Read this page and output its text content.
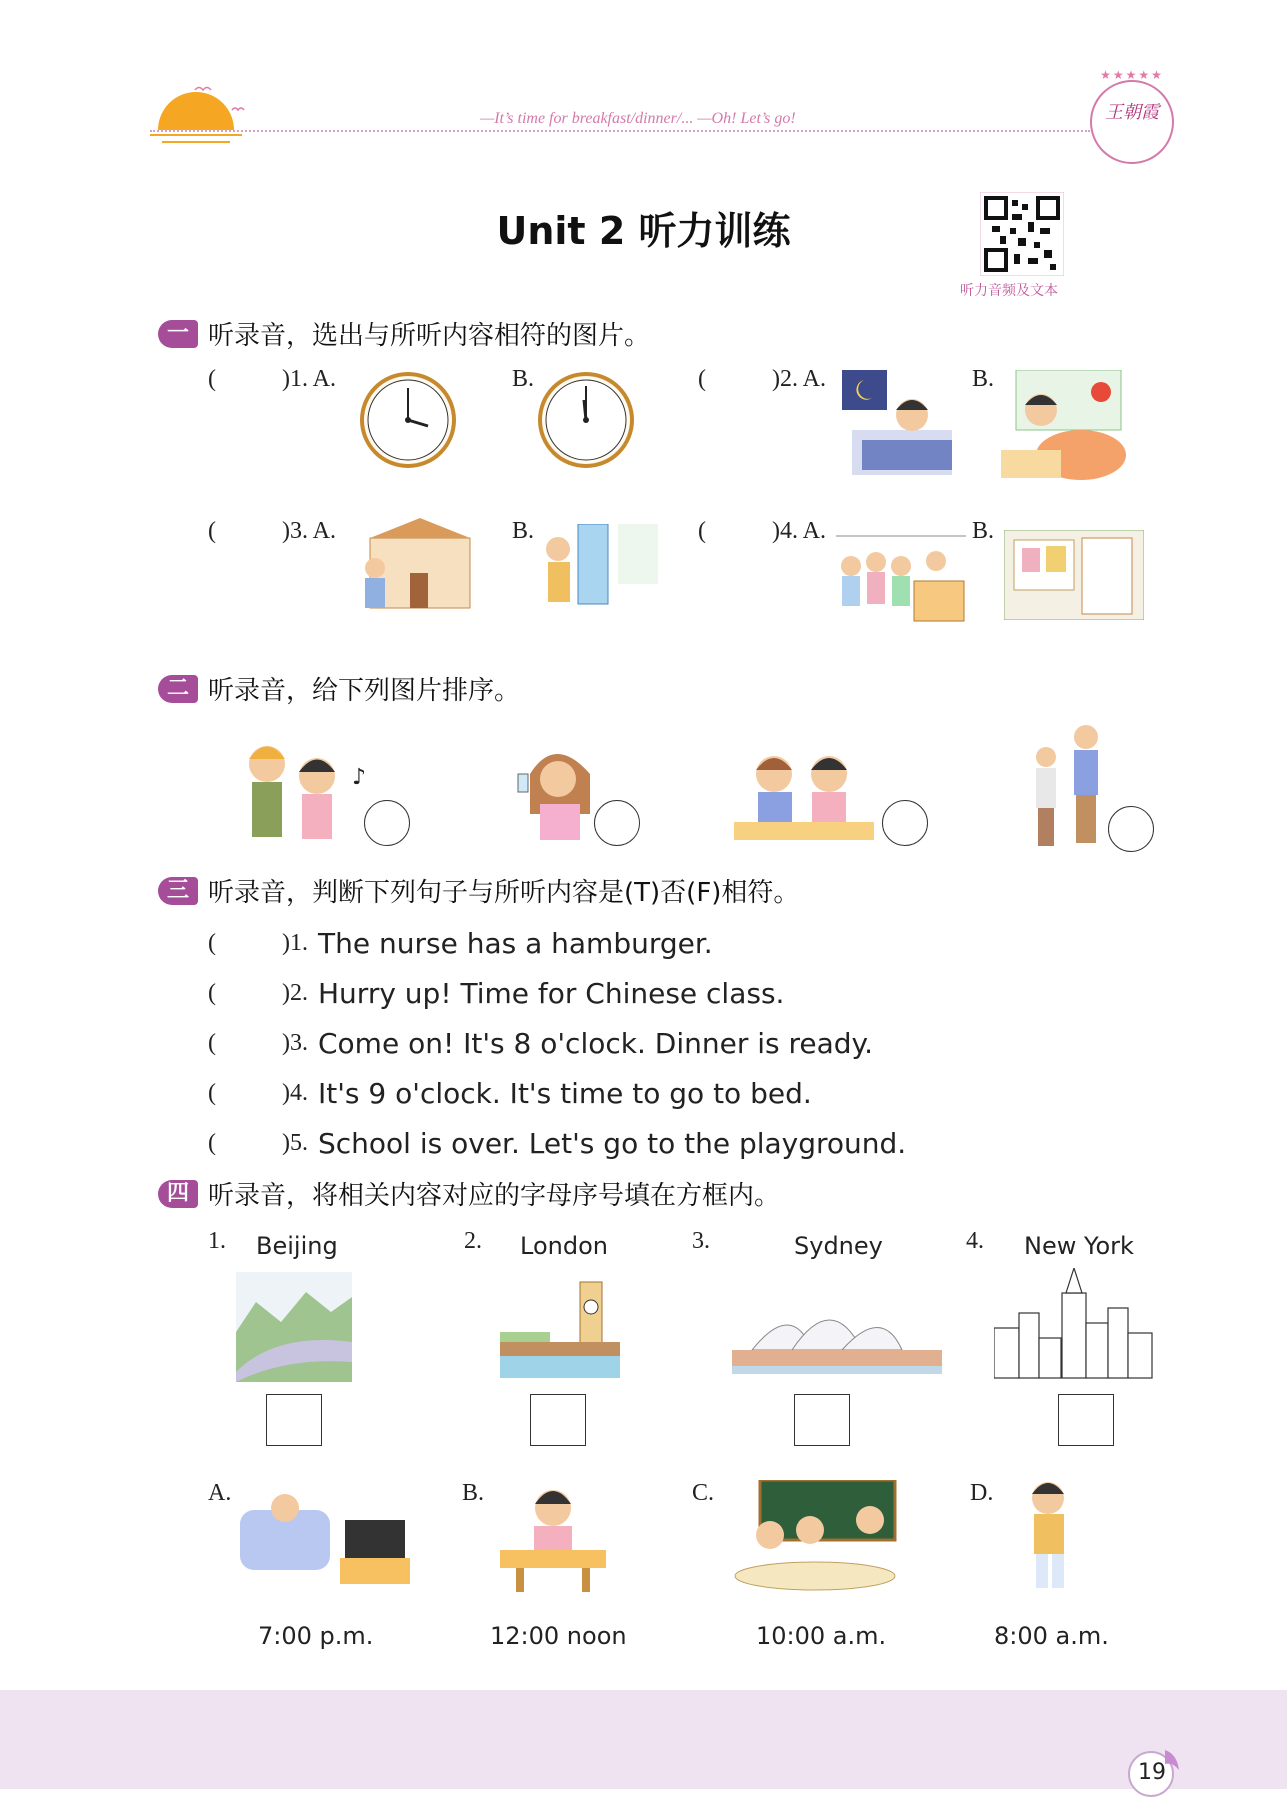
—It’s time for breakfast/dinner/... —Oh! Let’s go!
★★★★★
王朝霞
Unit 2 听力训练
听力音频及文本
一 听录音，选出与所听内容相符的图片。
(	)1. A.	B.	(	)2. A.	B.
(	)3. A.	B.	(	)4. A.	B.
二 听录音，给下列图片排序。
♪
三 听录音，判断下列句子与所听内容是(T)否(F)相符。
(	)1. The nurse has a hamburger.
(	)2. Hurry up! Time for Chinese class.
(	)3. Come on! It's 8 o'clock. Dinner is ready.
(	)4. It's 9 o'clock. It's time to go to bed.
(	)5. School is over. Let's go to the playground.
四 听录音，将相关内容对应的字母序号填在方框内。
1. Beijing	2. London	3.	Sydney	4. New York
A.
7:00 p.m.
B.
12:00 noon
C.
10:00 a.m.
D.
8:00 a.m.
19
